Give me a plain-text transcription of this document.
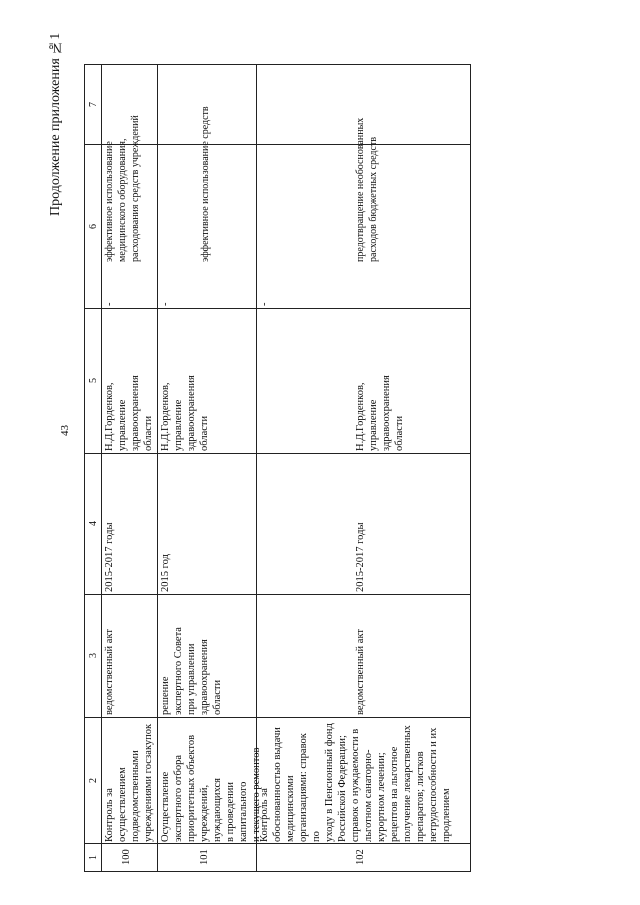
Продолжение приложения №1
43
1
2
3
4
5
6
7
100
Контроль за
осуществлением
подведомственными
учреждениями госзакупок
ведомственный акт
2015-2017 годы
Н.Д.Горденков,
управление
здравоохранения
области
-
эффективное использование
медицинского оборудования,
расходования средств учреждений
101
Осуществление
экспертного отбора
приоритетных объектов
учреждений, нуждающихся
в проведении капитального
и текущего ремонтов
решение
экспертного Совета
при управлении
здравоохранения
области
2015 год
Н.Д.Горденков,
управление
здравоохранения
области
-
эффективное использование средств
102
Контроль за
обоснованностью выдачи
медицинскими
организациями: справок по
уходу в Пенсионный фонд
Российской Федерации;
справок о нуждаемости в
льготном санаторно-
курортном лечении;
рецептов на льготное
получение лекарственных
препаратов; листков
нетрудоспособности и их
продлением
ведомственный акт
2015-2017 годы
Н.Д.Горденков,
управление
здравоохранения
области
-
предотвращение необоснованных
расходов бюджетных средств
